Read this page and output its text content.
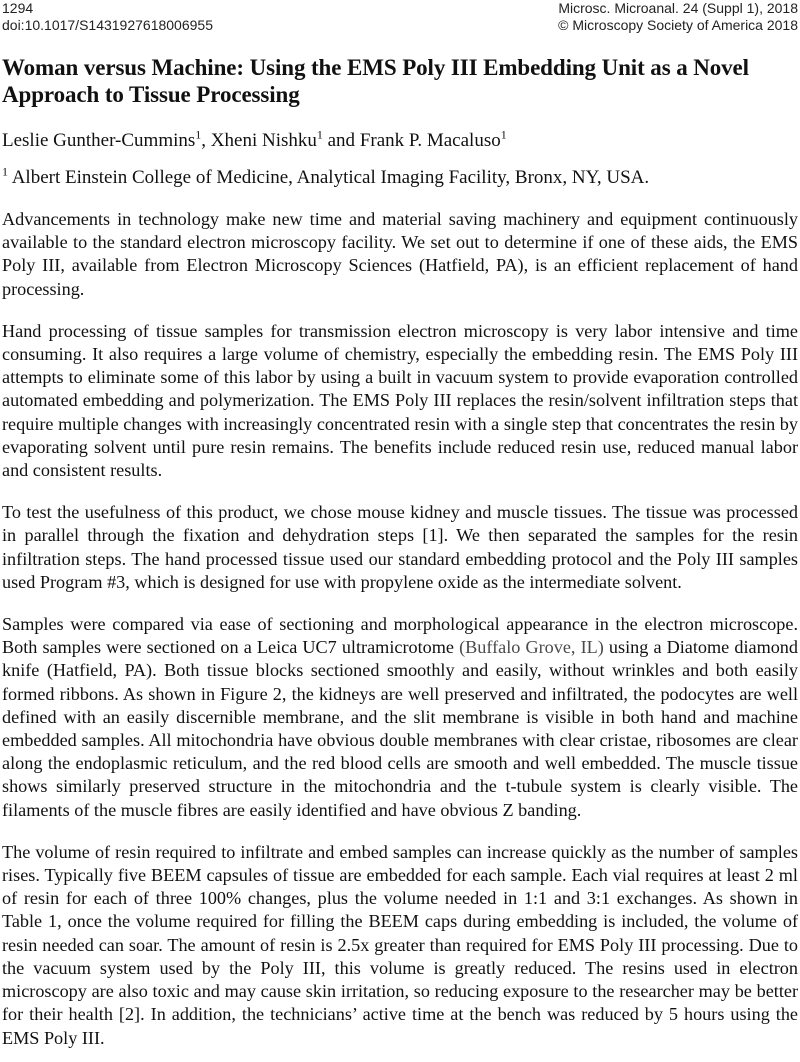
1294
doi:10.1017/S1431927618006955
Microsc. Microanal. 24 (Suppl 1), 2018
© Microscopy Society of America 2018
Woman versus Machine: Using the EMS Poly III Embedding Unit as a Novel Approach to Tissue Processing
Leslie Gunther-Cummins$^1$, Xheni Nishku$^1$ and Frank P. Macaluso$^1$
$^1$ Albert Einstein College of Medicine, Analytical Imaging Facility, Bronx, NY, USA.

Advancements in technology make new time and material saving machinery and equipment continuously available to the standard electron microscopy facility. We set out to determine if one of these aids, the EMS Poly III, available from Electron Microscopy Sciences (Hatfield, PA), is an efficient replacement of hand processing.

Hand processing of tissue samples for transmission electron microscopy is very labor intensive and time consuming. It also requires a large volume of chemistry, especially the embedding resin. The EMS Poly III attempts to eliminate some of this labor by using a built in vacuum system to provide evaporation controlled automated embedding and polymerization. The EMS Poly III replaces the resin/solvent infiltration steps that require multiple changes with increasingly concentrated resin with a single step that concentrates the resin by evaporating solvent until pure resin remains. The benefits include reduced resin use, reduced manual labor and consistent results.

To test the usefulness of this product, we chose mouse kidney and muscle tissues. The tissue was processed in parallel through the fixation and dehydration steps [1]. We then separated the samples for the resin infiltration steps. The hand processed tissue used our standard embedding protocol and the Poly III samples used Program #3, which is designed for use with propylene oxide as the intermediate solvent.

Samples were compared via ease of sectioning and morphological appearance in the electron microscope. Both samples were sectioned on a Leica UC7 ultramicrotome (Buffalo Grove, IL) using a Diatome diamond knife (Hatfield, PA). Both tissue blocks sectioned smoothly and easily, without wrinkles and both easily formed ribbons. As shown in Figure 2, the kidneys are well preserved and infiltrated, the podocytes are well defined with an easily discernible membrane, and the slit membrane is visible in both hand and machine embedded samples. All mitochondria have obvious double membranes with clear cristae, ribosomes are clear along the endoplasmic reticulum, and the red blood cells are smooth and well embedded. The muscle tissue shows similarly preserved structure in the mitochondria and the t-tubule system is clearly visible. The filaments of the muscle fibres are easily identified and have obvious Z banding.

The volume of resin required to infiltrate and embed samples can increase quickly as the number of samples rises. Typically five BEEM capsules of tissue are embedded for each sample. Each vial requires at least 2 ml of resin for each of three 100% changes, plus the volume needed in 1:1 and 3:1 exchanges. As shown in Table 1, once the volume required for filling the BEEM caps during embedding is included, the volume of resin needed can soar. The amount of resin is 2.5x greater than required for EMS Poly III processing. Due to the vacuum system used by the Poly III, this volume is greatly reduced. The resins used in electron microscopy are also toxic and may cause skin irritation, so reducing exposure to the researcher may be better for their health [2]. In addition, the technicians’ active time at the bench was reduced by 5 hours using the EMS Poly III.
